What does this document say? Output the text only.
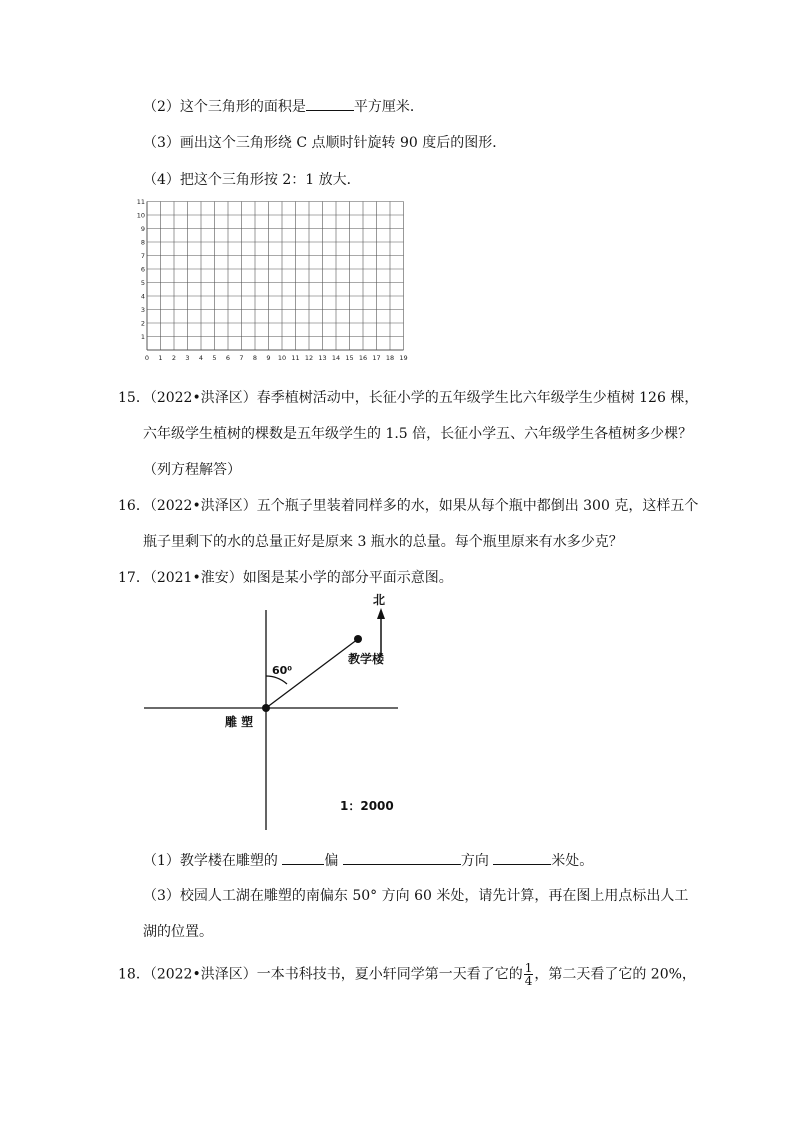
（2）这个三角形的面积是	平方厘米．
（3）画出这个三角形绕 C 点顺时针旋转 90 度后的图形．
（4）把这个三角形按 2：1 放大．
0 1 2 3 4 5 6 7 8 9 10 11 12 13 14 15 16 17 18 19
1
2
3
4
5
6
7
8
9
10
11
15．（2022•洪泽区）春季植树活动中，长征小学的五年级学生比六年级学生少植树 126 棵，
六年级学生植树的棵数是五年级学生的 1.5 倍，长征小学五、六年级学生各植树多少棵？
（列方程解答）
16．（2022•洪泽区）五个瓶子里装着同样多的水，如果从每个瓶中都倒出 300 克，这样五个
瓶子里剩下的水的总量正好是原来 3 瓶水的总量。每个瓶里原来有水多少克？
17．（2021•淮安）如图是某小学的部分平面示意图。
北
60⁰
教学楼
雕 塑
1：2000
（1）教学楼在雕塑的	偏	方向	米处。
（3）校园人工湖在雕塑的南偏东 50° 方向 60 米处，请先计算，再在图上用点标出人工
湖的位置。
18．（2022•洪泽区）一本书科技书，夏小轩同学第一天看了它的 $\frac{1}{4}$ ，第二天看了它的 20%，
